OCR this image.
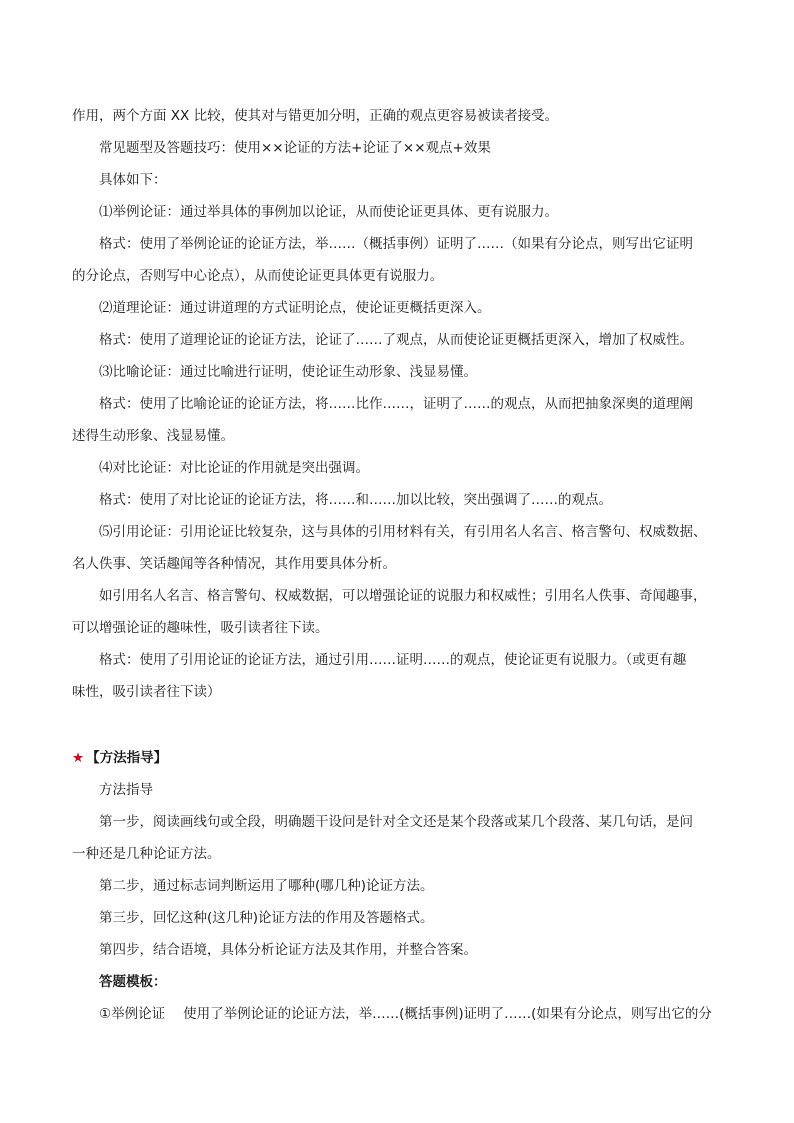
作用，两个方面 XX 比较，使其对与错更加分明，正确的观点更容易被读者接受。
常见题型及答题技巧：使用××论证的方法+论证了××观点+效果
具体如下：
⑴举例论证：通过举具体的事例加以论证，从而使论证更具体、更有说服力。
格式：使用了举例论证的论证方法，举……（概括事例）证明了……（如果有分论点，则写出它证明
的分论点，否则写中心论点），从而使论证更具体更有说服力。
⑵道理论证：通过讲道理的方式证明论点，使论证更概括更深入。
格式：使用了道理论证的论证方法，论证了……了观点，从而使论证更概括更深入，增加了权威性。
⑶比喻论证：通过比喻进行证明，使论证生动形象、浅显易懂。
格式：使用了比喻论证的论证方法，将……比作……，证明了……的观点，从而把抽象深奥的道理阐
述得生动形象、浅显易懂。
⑷对比论证：对比论证的作用就是突出强调。
格式：使用了对比论证的论证方法，将……和……加以比较，突出强调了……的观点。
⑸引用论证：引用论证比较复杂，这与具体的引用材料有关，有引用名人名言、格言警句、权威数据、
名人佚事、笑话趣闻等各种情况，其作用要具体分析。
如引用名人名言、格言警句、权威数据，可以增强论证的说服力和权威性；引用名人佚事、奇闻趣事，
可以增强论证的趣味性，吸引读者往下读。
格式：使用了引用论证的论证方法，通过引用……证明……的观点，使论证更有说服力。（或更有趣
味性，吸引读者往下读）
★ 【方法指导】
方法指导
第一步，阅读画线句或全段，明确题干设问是针对全文还是某个段落或某几个段落、某几句话，是问
一种还是几种论证方法。
第二步，通过标志词判断运用了哪种(哪几种)论证方法。
第三步，回忆这种(这几种)论证方法的作用及答题格式。
第四步，结合语境，具体分析论证方法及其作用，并整合答案。
答题模板：
①举例论证 使用了举例论证的论证方法，举……(概括事例)证明了……(如果有分论点，则写出它的分
